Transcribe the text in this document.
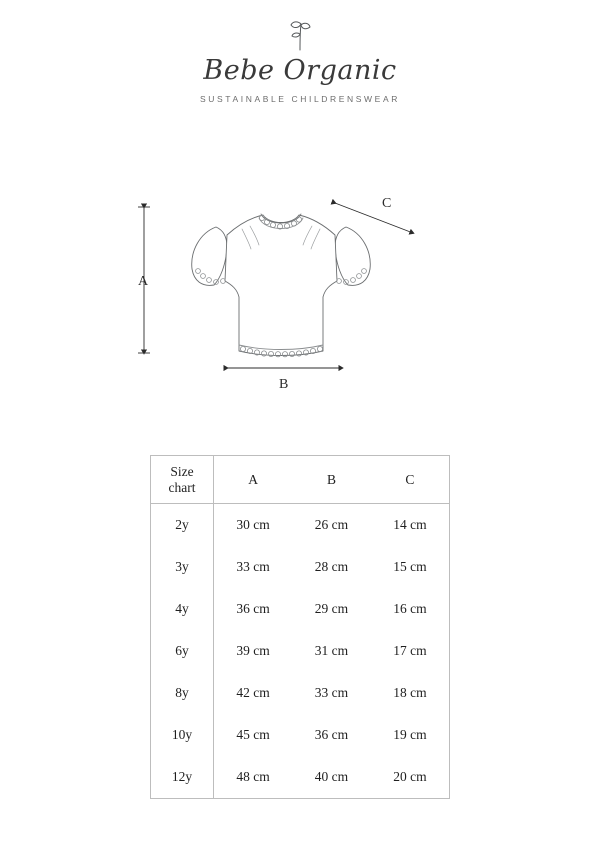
Bebe Organic
SUSTAINABLE CHILDRENSWEAR
A
B
C
Size
chart	A	B	C
2y	30 cm	26 cm	14 cm
3y	33 cm	28 cm	15 cm
4y	36 cm	29 cm	16 cm
6y	39 cm	31 cm	17 cm
8y	42 cm	33 cm	18 cm
10y	45 cm	36 cm	19 cm
12y	48 cm	40 cm	20 cm
